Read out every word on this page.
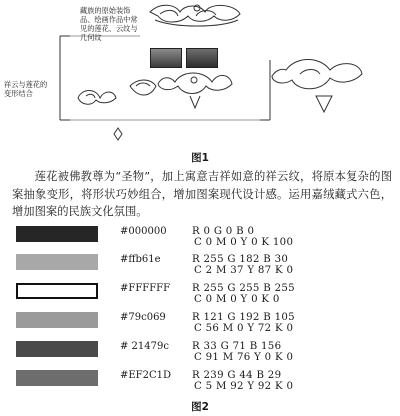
藏族的原始装饰品、绘画作品中常见的莲花、云纹与几何纹
祥云与莲花的变形结合
图1
莲花被佛教尊为“圣物”，加上寓意吉祥如意的祥云纹，将原本复杂的图案抽象变形，将形状巧妙组合，增加图案现代设计感。运用嘉绒藏式六色，增加图案的民族文化氛围。
#000000	R 0 G 0 B 0
C 0 M 0 Y 0 K 100
#ffb61e	R 255 G 182 B 30
C 2 M 37 Y 87 K 0
#FFFFFF	R 255 G 255 B 255
C 0 M 0 Y 0 K 0
#79c069	R 121 G 192 B 105
C 56 M 0 Y 72 K 0
# 21479c	R 33 G 71 B 156
C 91 M 76 Y 0 K 0
#EF2C1D	R 239 G 44 B 29
C 5 M 92 Y 92 K 0
图2
